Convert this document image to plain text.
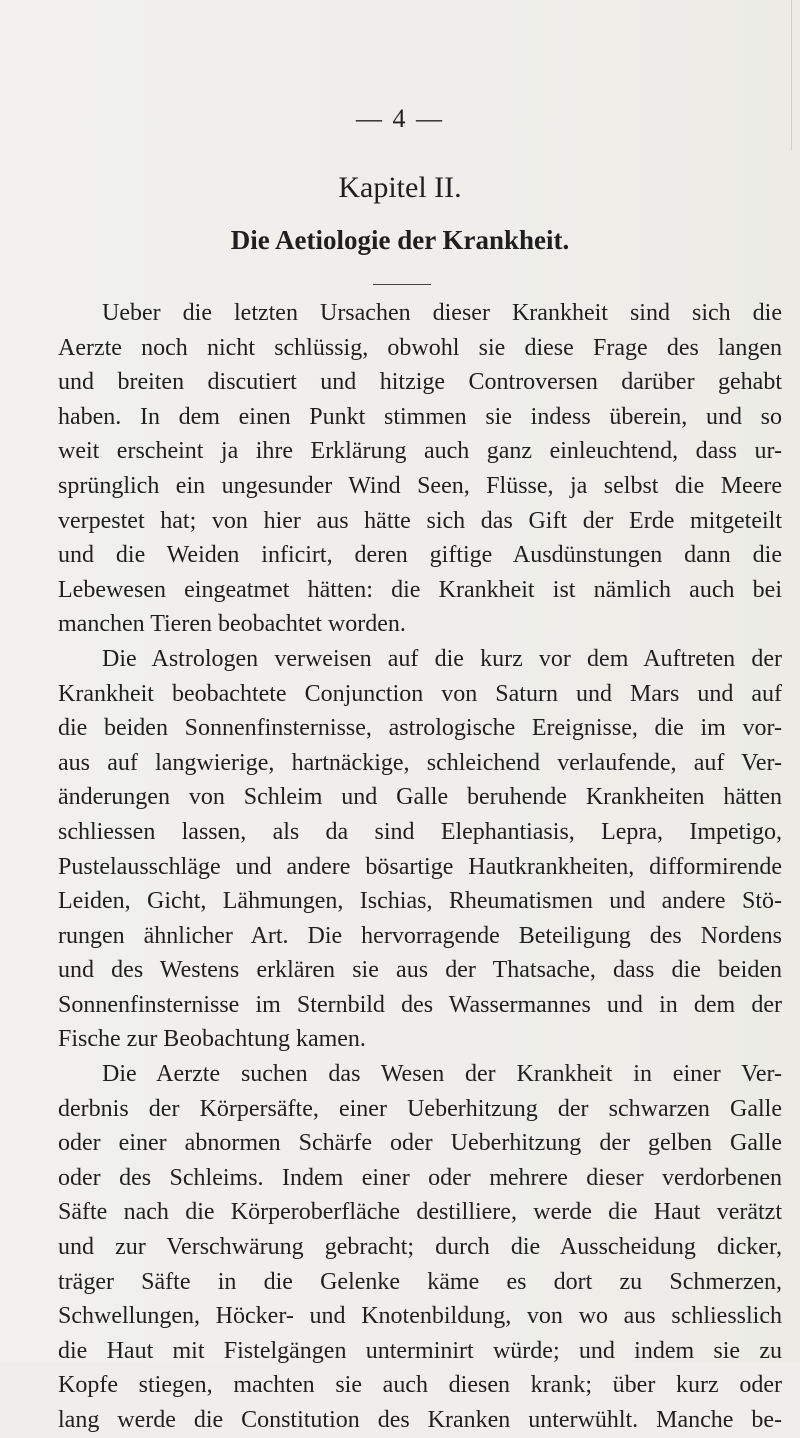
— 4 —
Kapitel II.
Die Aetiologie der Krankheit.
Ueber die letzten Ursachen dieser Krankheit sind sich die
Aerzte noch nicht schlüssig, obwohl sie diese Frage des langen
und breiten discutiert und hitzige Controversen darüber gehabt
haben. In dem einen Punkt stimmen sie indess überein, und so
weit erscheint ja ihre Erklärung auch ganz einleuchtend, dass ur-
sprünglich ein ungesunder Wind Seen, Flüsse, ja selbst die Meere
verpestet hat; von hier aus hätte sich das Gift der Erde mitgeteilt
und die Weiden inficirt, deren giftige Ausdünstungen dann die
Lebewesen eingeatmet hätten: die Krankheit ist nämlich auch bei
manchen Tieren beobachtet worden.
Die Astrologen verweisen auf die kurz vor dem Auftreten der
Krankheit beobachtete Conjunction von Saturn und Mars und auf
die beiden Sonnenfinsternisse, astrologische Ereignisse, die im vor-
aus auf langwierige, hartnäckige, schleichend verlaufende, auf Ver-
änderungen von Schleim und Galle beruhende Krankheiten hätten
schliessen lassen, als da sind Elephantiasis, Lepra, Impetigo,
Pustelausschläge und andere bösartige Hautkrankheiten, difformirende
Leiden, Gicht, Lähmungen, Ischias, Rheumatismen und andere Stö-
rungen ähnlicher Art. Die hervorragende Beteiligung des Nordens
und des Westens erklären sie aus der Thatsache, dass die beiden
Sonnenfinsternisse im Sternbild des Wassermannes und in dem der
Fische zur Beobachtung kamen.
Die Aerzte suchen das Wesen der Krankheit in einer Ver-
derbnis der Körpersäfte, einer Ueberhitzung der schwarzen Galle
oder einer abnormen Schärfe oder Ueberhitzung der gelben Galle
oder des Schleims. Indem einer oder mehrere dieser verdorbenen
Säfte nach die Körperoberfläche destilliere, werde die Haut verätzt
und zur Verschwärung gebracht; durch die Ausscheidung dicker,
träger Säfte in die Gelenke käme es dort zu Schmerzen,
Schwellungen, Höcker- und Knotenbildung, von wo aus schliesslich
die Haut mit Fistelgängen unterminirt würde; und indem sie zu
Kopfe stiegen, machten sie auch diesen krank; über kurz oder
lang werde die Constitution des Kranken unterwühlt. Manche be-
